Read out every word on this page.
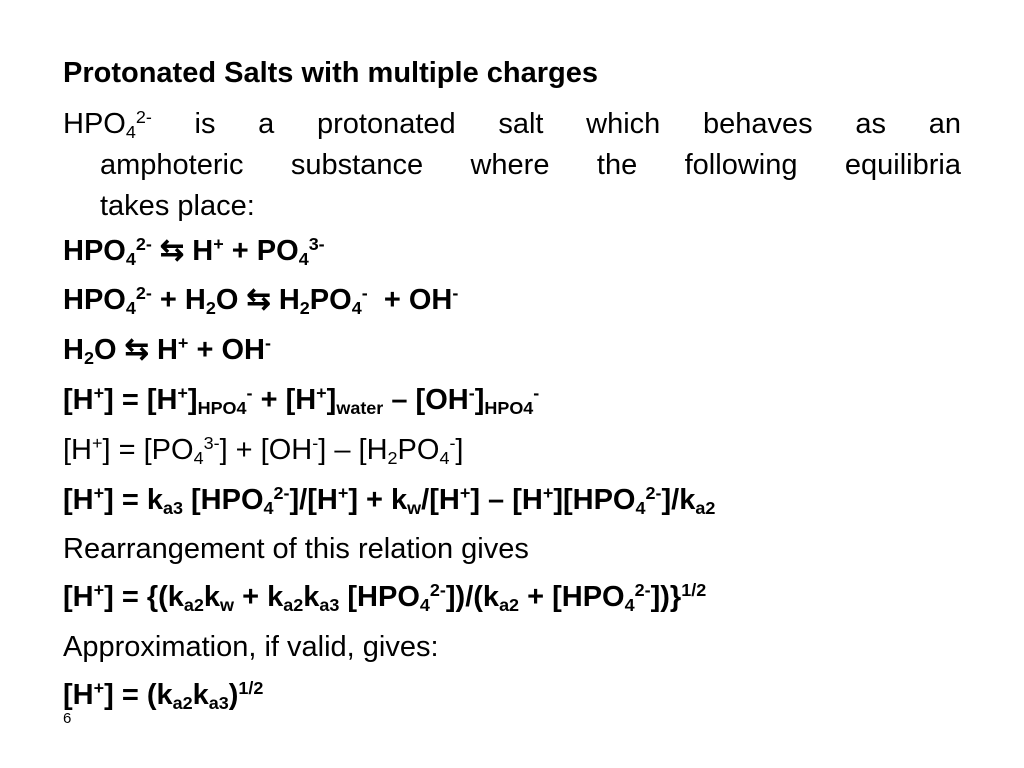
Protonated Salts with multiple charges
$HPO_4^{2-}$ is a protonated salt which behaves as an
amphoteric substance where the following equilibria
takes place:
$HPO_4^{2-}$ ⇆ $H^+ + PO_4^{3-}$
$HPO_4^{2-} + H_2O$ ⇆ $H_2PO_4^- + OH^-$
$H_2O$ ⇆ H+ + OH-
$[H^+] = [H^+]_{HPO4}^- + [H^+]_{water} - [OH^-]_{HPO4}^-$
$[H^+] = [PO_4^{3-}] + [OH^-] - [H_2PO_4^-]$
$[H^+] = k_{a3}$ $[HPO_4^{2-}]/[H^+] + k_w/[H^+] - [H^+][HPO_4^{2-}]/k_{a2}$
Rearrangement of this relation gives
$[H^+] = \{(k_{a2}k_w + k_{a2}k_{a3}$ $[HPO_4^{2-}])/(k_{a2} + [HPO_4^{2-}])\}^{1/2}$
Approximation, if valid, gives:
$[H^+] = (k_{a2}k_{a3})^{1/2}$
6
